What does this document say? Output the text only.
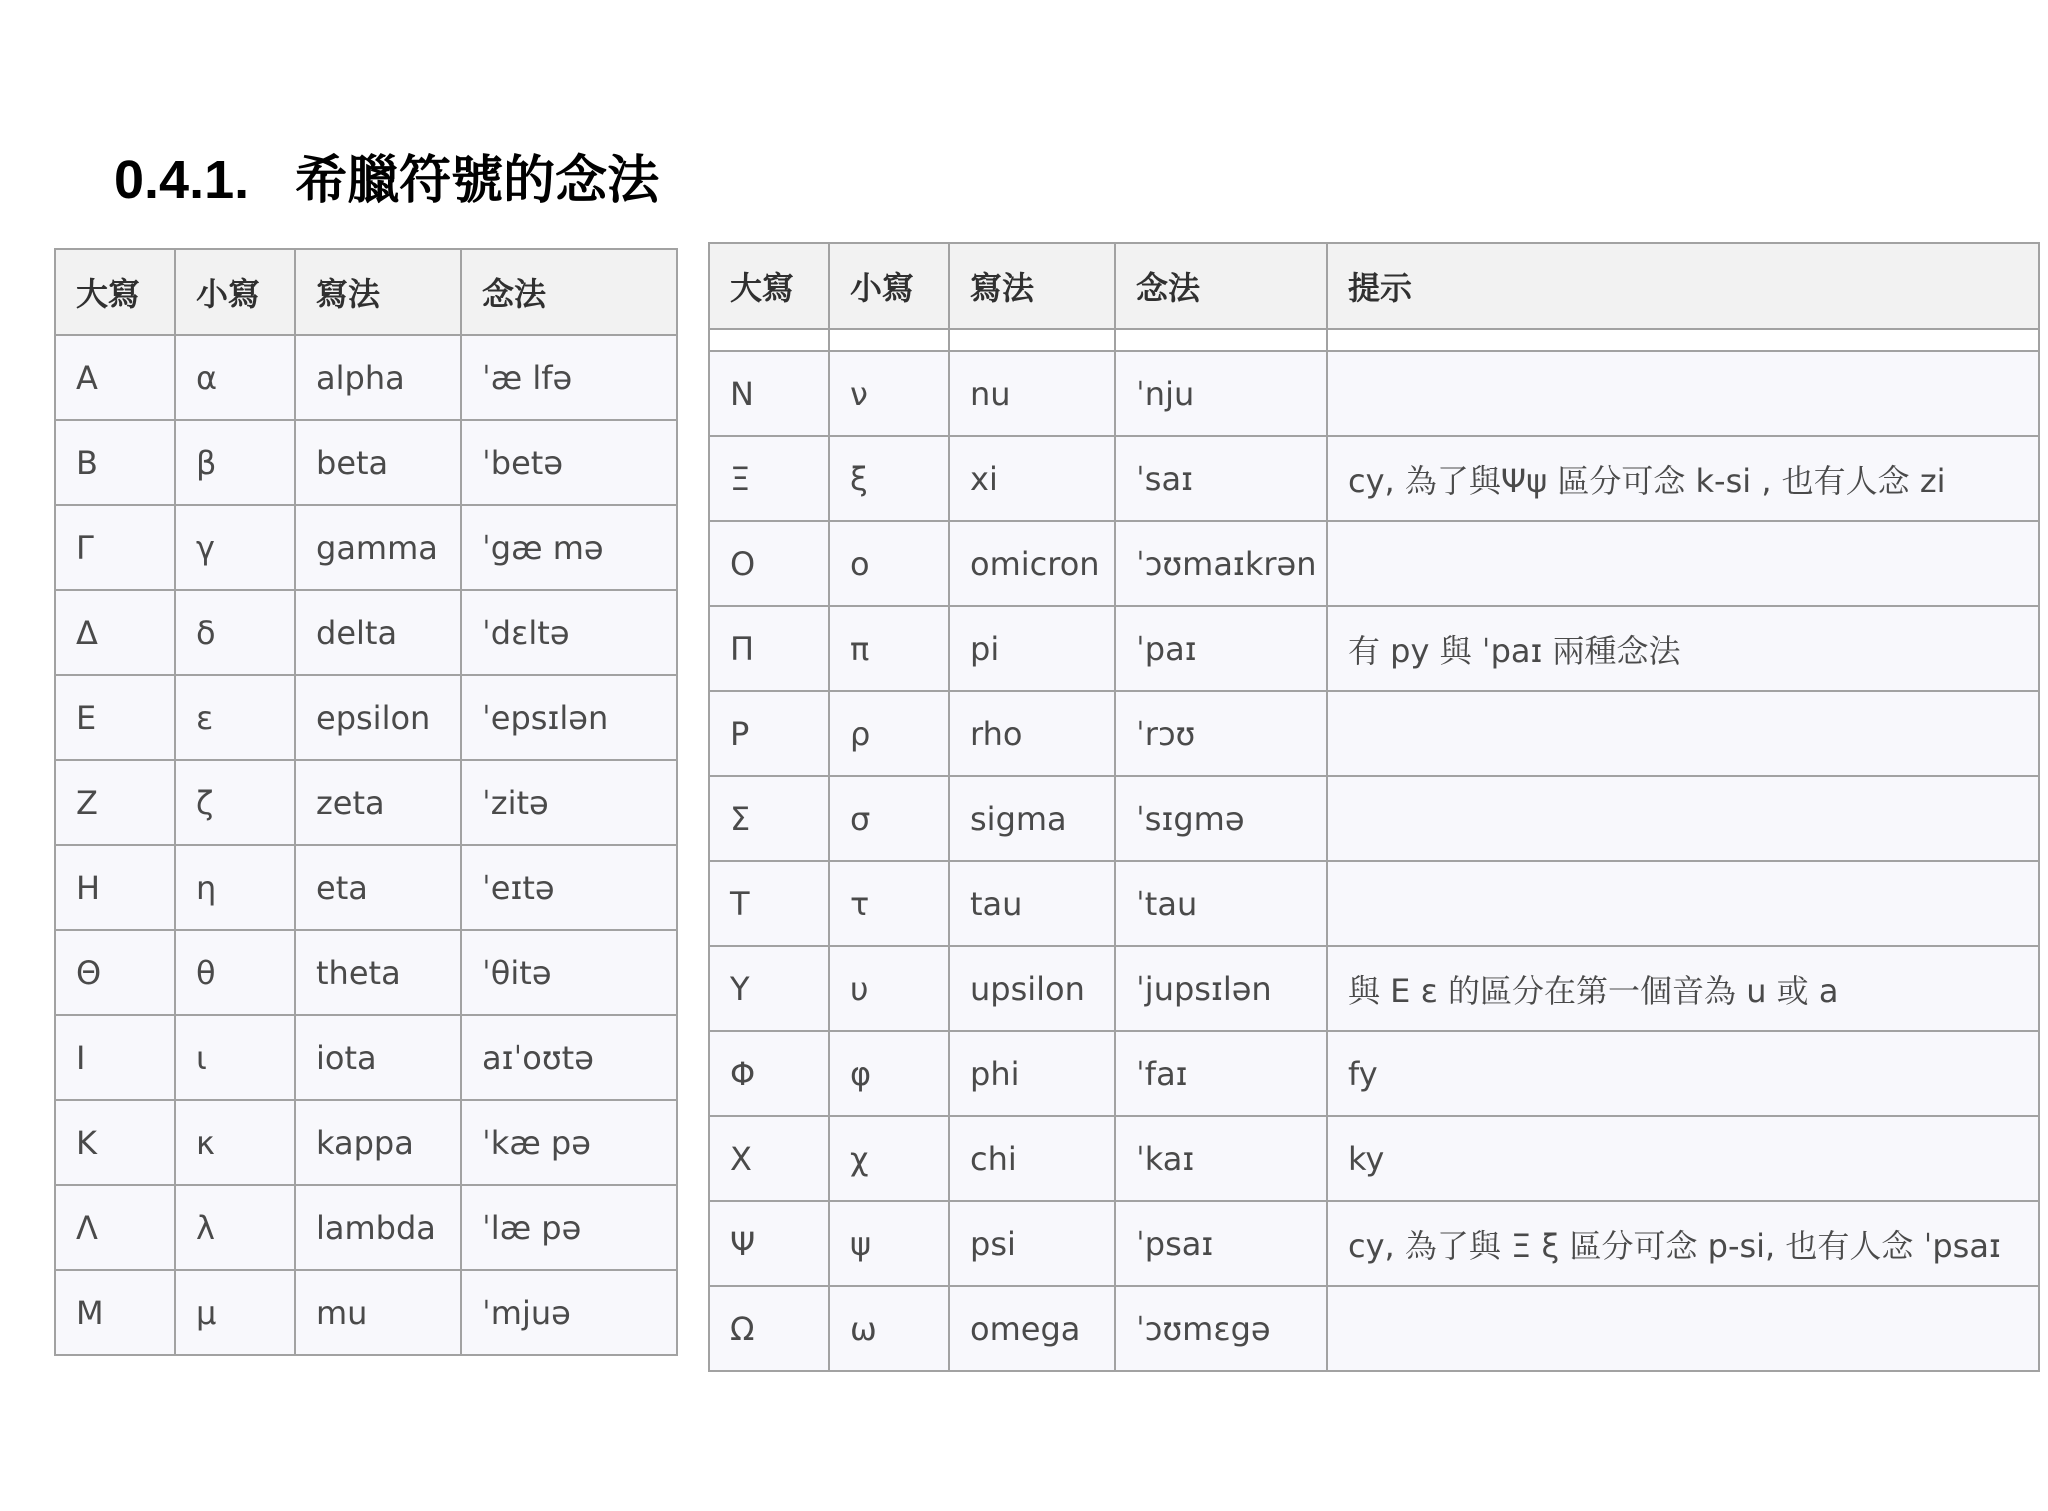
0.4.1. 希臘符號的念法
大寫	小寫	寫法	念法
Α	α	alpha	ˈæ lfə
Β	β	beta	ˈbetə
Γ	γ	gamma	ˈgæ mə
Δ	δ	delta	ˈdɛltə
Ε	ε	epsilon	ˈepsɪlən
Ζ	ζ	zeta	ˈzitə
Η	η	eta	ˈeɪtə
Θ	θ	theta	ˈθitə
Ι	ι	iota	aɪˈoʊtə
Κ	κ	kappa	ˈkæ pə
Λ	λ	lambda	ˈlæ pə
Μ	μ	mu	ˈmjuə
大寫	小寫	寫法	念法	提示

Ν	ν	nu	ˈnju	
Ξ	ξ	xi	ˈsaɪ	cy, 為了與Ψψ 區分可念 k-si , 也有人念 zi
Ο	ο	omicron	ˈɔʊmaɪkrən	
Π	π	pi	ˈpaɪ	有 py 與 ˈpaɪ 兩種念法
Ρ	ρ	rho	ˈrɔʊ	
Σ	σ	sigma	ˈsɪgmə	
Τ	τ	tau	ˈtau	
Υ	υ	upsilon	ˈjupsɪlən	與 Ε ε 的區分在第一個音為 u 或 a
Φ	φ	phi	ˈfaɪ	fy
Χ	χ	chi	ˈkaɪ	ky
Ψ	ψ	psi	ˈpsaɪ	cy, 為了與 Ξ ξ 區分可念 p-si, 也有人念 ˈpsaɪ
Ω	ω	omega	ˈɔʊmɛgə	
